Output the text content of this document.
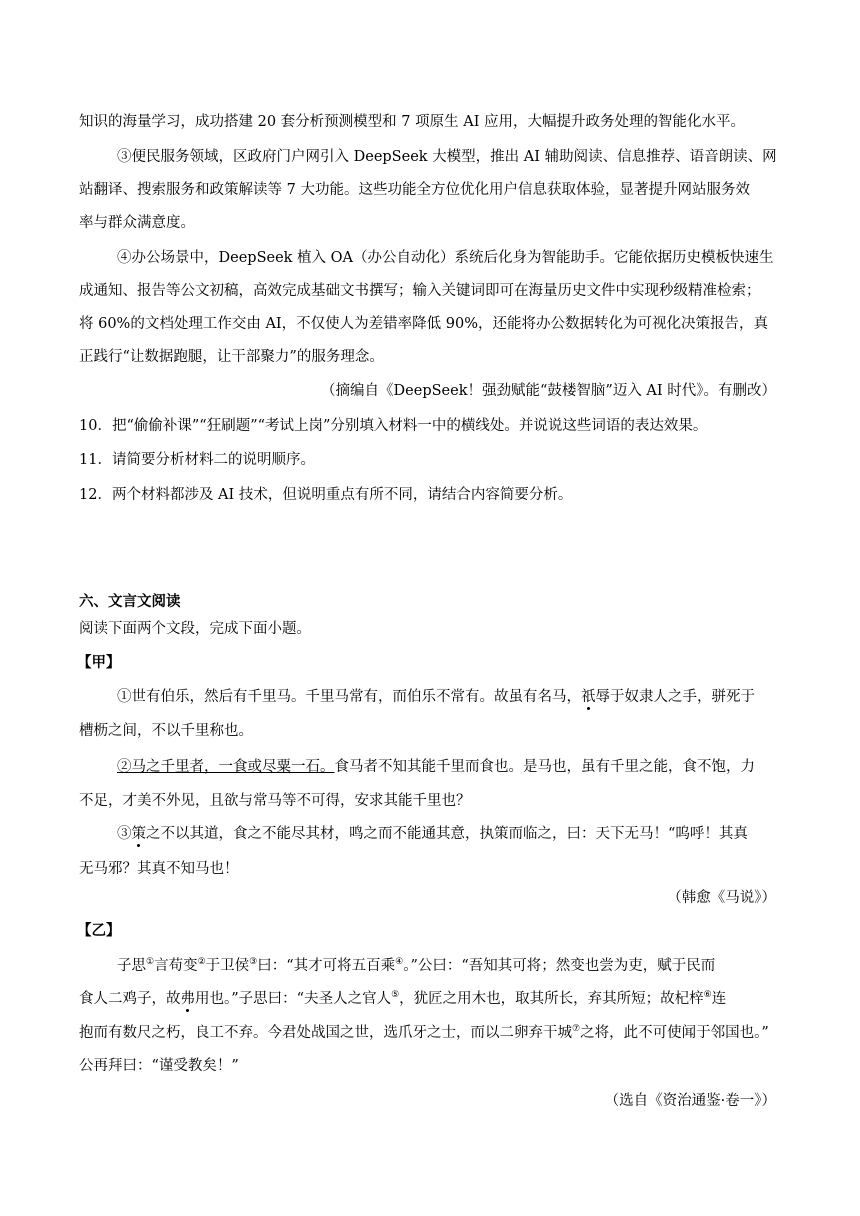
知识的海量学习，成功搭建 20 套分析预测模型和 7 项原生 AI 应用，大幅提升政务处理的智能化水平。
③便民服务领域，区政府门户网引入 DeepSeek 大模型，推出 AI 辅助阅读、信息推荐、语音朗读、网
站翻译、搜索服务和政策解读等 7 大功能。这些功能全方位优化用户信息获取体验，显著提升网站服务效
率与群众满意度。
④办公场景中，DeepSeek 植入 OA（办公自动化）系统后化身为智能助手。它能依据历史模板快速生
成通知、报告等公文初稿，高效完成基础文书撰写；输入关键词即可在海量历史文件中实现秒级精准检索；
将 60%的文档处理工作交由 AI，不仅使人为差错率降低 90%，还能将办公数据转化为可视化决策报告，真
正践行“让数据跑腿，让干部聚力”的服务理念。
（摘编自《DeepSeek！强劲赋能“鼓楼智脑”迈入 AI 时代》。有删改）
10．把“偷偷补课”“狂刷题”“考试上岗”分别填入材料一中的横线处。并说说这些词语的表达效果。
11．请简要分析材料二的说明顺序。
12．两个材料都涉及 AI 技术，但说明重点有所不同，请结合内容简要分析。
六、文言文阅读
阅读下面两个文段，完成下面小题。
【甲】
①世有伯乐，然后有千里马。千里马常有，而伯乐不常有。故虽有名马，祇辱于奴隶人之手，骈死于
槽枥之间，不以千里称也。
②马之千里者，一食或尽粟一石。食马者不知其能千里而食也。是马也，虽有千里之能，食不饱，力
不足，才美不外见，且欲与常马等不可得，安求其能千里也？
③策之不以其道，食之不能尽其材，鸣之而不能通其意，执策而临之，曰：天下无马！“呜呼！其真
无马邪？其真不知马也！
（韩愈《马说》）
【乙】
子思①言苟变②于卫侯③曰：“其才可将五百乘④。”公曰：“吾知其可将；然变也尝为吏，赋于民而
食人二鸡子，故弗用也。”子思曰：“夫圣人之官人⑤，犹匠之用木也，取其所长，弃其所短；故杞梓⑥连
抱而有数尺之朽，良工不弃。今君处战国之世，选爪牙之士，而以二卵弃干城⑦之将，此不可使闻于邻国也。”
公再拜曰：“谨受教矣！”
（选自《资治通鉴·卷一》）
